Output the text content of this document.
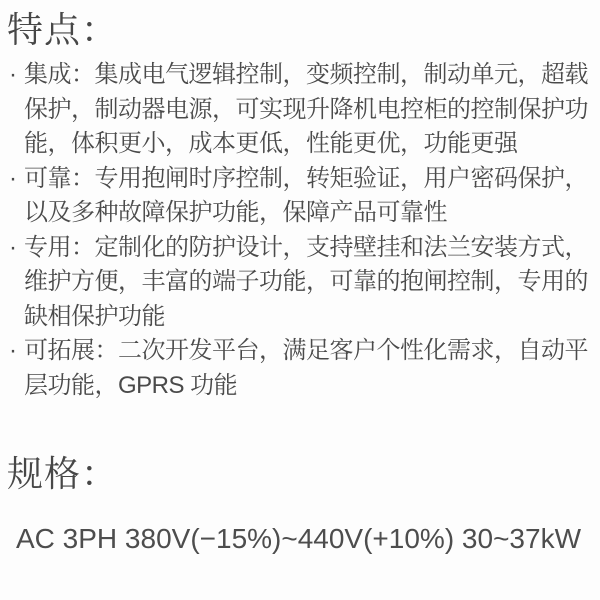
特点：
· 集成：集成电气逻辑控制，变频控制，制动单元，超载
保护，制动器电源，可实现升降机电控柜的控制保护功
能，体积更小，成本更低，性能更优，功能更强
· 可靠：专用抱闸时序控制，转矩验证，用户密码保护，
以及多种故障保护功能，保障产品可靠性
· 专用：定制化的防护设计，支持壁挂和法兰安装方式，
维护方便，丰富的端子功能，可靠的抱闸控制，专用的
缺相保护功能
· 可拓展：二次开发平台，满足客户个性化需求，自动平
层功能，GPRS 功能
规格：
AC 3PH 380V(−15%)~440V(+10%) 30~37kW
